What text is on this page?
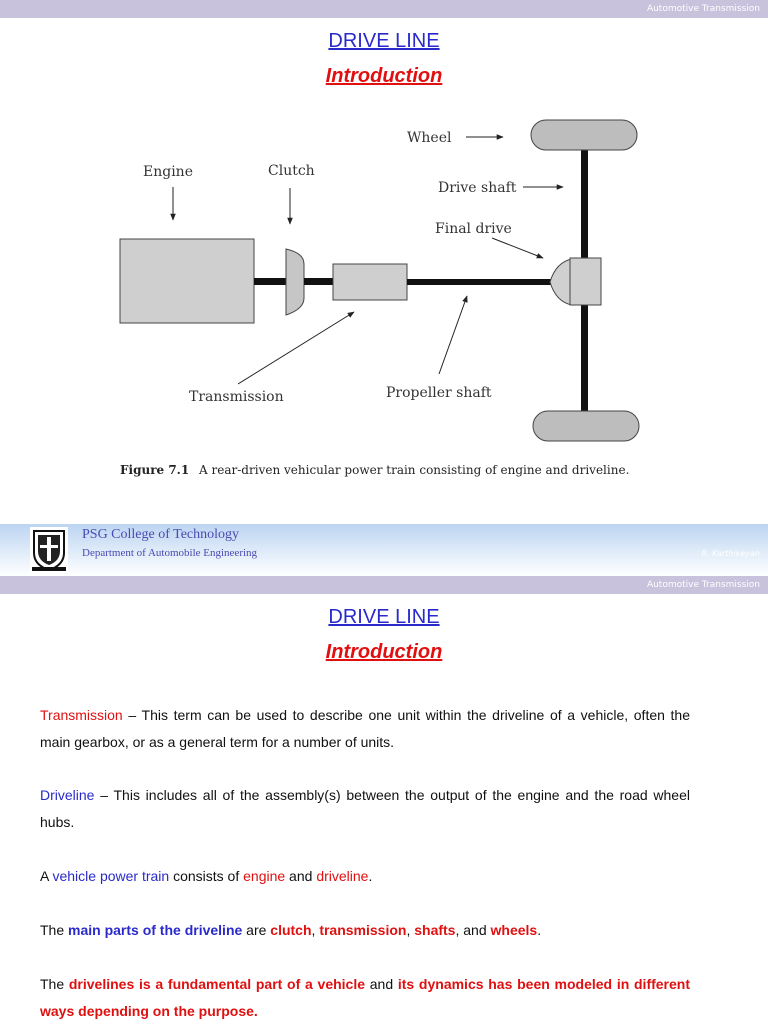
Automotive Transmission
DRIVE LINE
Introduction
Wheel
Engine	Clutch
Drive shaft
Final drive
Transmission	Propeller shaft
Figure 7.1 A rear-driven vehicular power train consisting of engine and driveline.
PSG College of Technology
Department of Automobile Engineering	R. Karthikeyan
Automotive Transmission
DRIVE LINE
Introduction

Transmission – This term can be used to describe one unit within the driveline of a vehicle, often the main gearbox, or as a general term for a number of units.

Driveline – This includes all of the assembly(s) between the output of the engine and the road wheel hubs.

A vehicle power train consists of engine and driveline.

The main parts of the driveline are clutch, transmission, shafts, and wheels.

The drivelines is a fundamental part of a vehicle and its dynamics has been modeled in different ways depending on the purpose.
